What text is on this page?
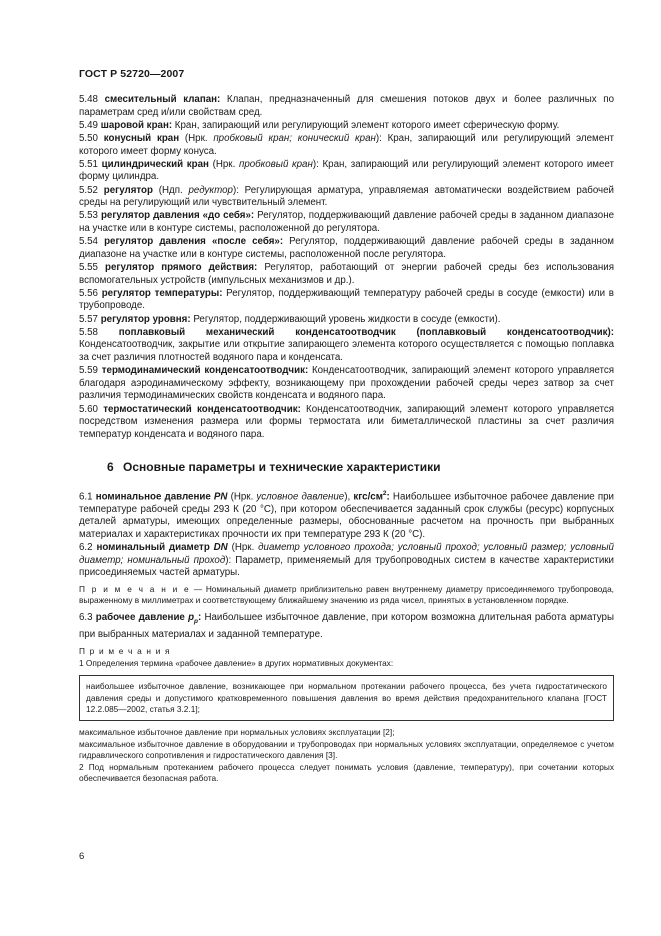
ГОСТ Р 52720—2007

5.48 смесительный клапан: Клапан, предназначенный для смешения потоков двух и более различных по параметрам сред и/или свойствам сред.

5.49 шаровой кран: Кран, запирающий или регулирующий элемент которого имеет сферическую форму.

5.50 конусный кран (Нрк. пробковый кран; конический кран): Кран, запирающий или регулирующий элемент которого имеет форму конуса.

5.51 цилиндрический кран (Нрк. пробковый кран): Кран, запирающий или регулирующий элемент которого имеет форму цилиндра.

5.52 регулятор (Ндп. редуктор): Регулирующая арматура, управляемая автоматически воздействием рабочей среды на регулирующий или чувствительный элемент.

5.53 регулятор давления «до себя»: Регулятор, поддерживающий давление рабочей среды в заданном диапазоне на участке или в контуре системы, расположенной до регулятора.

5.54 регулятор давления «после себя»: Регулятор, поддерживающий давление рабочей среды в заданном диапазоне на участке или в контуре системы, расположенной после регулятора.

5.55 регулятор прямого действия: Регулятор, работающий от энергии рабочей среды без использования вспомогательных устройств (импульсных механизмов и др.).

5.56 регулятор температуры: Регулятор, поддерживающий температуру рабочей среды в сосуде (емкости) или в трубопроводе.

5.57 регулятор уровня: Регулятор, поддерживающий уровень жидкости в сосуде (емкости).

5.58 поплавковый механический конденсатоотводчик (поплавковый конденсатоотводчик): Конденсатоотводчик, закрытие или открытие запирающего элемента которого осуществляется с помощью поплавка за счет различия плотностей водяного пара и конденсата.

5.59 термодинамический конденсатоотводчик: Конденсатоотводчик, запирающий элемент которого управляется благодаря аэродинамическому эффекту, возникающему при прохождении рабочей среды через затвор за счет различия термодинамических свойств конденсата и водяного пара.

5.60 термостатический конденсатоотводчик: Конденсатоотводчик, запирающий элемент которого управляется посредством изменения размера или формы термостата или биметаллической пластины за счет различия температур конденсата и водяного пара.

6 Основные параметры и технические характеристики

6.1 номинальное давление PN (Нрк. условное давление), кгс/$см^2$: Наибольшее избыточное рабочее давление при температуре рабочей среды 293 К (20 °С), при котором обеспечивается заданный срок службы (ресурс) корпусных деталей арматуры, имеющих определенные размеры, обоснованные расчетом на прочность при выбранных материалах и характеристиках прочности их при температуре 293 К (20 °С).

6.2 номинальный диаметр DN (Нрк. диаметр условного прохода; условный проход; условный размер; условный диаметр; номинальный проход): Параметр, применяемый для трубопроводных систем в качестве характеристики присоединяемых частей арматуры.

П р и м е ч а н и е — Номинальный диаметр приблизительно равен внутреннему диаметру присоединяемого трубопровода, выраженному в миллиметрах и соответствующему ближайшему значению из ряда чисел, принятых в установленном порядке.

6.3 рабочее давление $p_р$: Наибольшее избыточное давление, при котором возможна длительная работа арматуры при выбранных материалах и заданной температуре.

П р и м е ч а н и я

1 Определения термина «рабочее давление» в других нормативных документах:

наибольшее избыточное давление, возникающее при нормальном протекании рабочего процесса, без учета гидростатического давления среды и допустимого кратковременного повышения давления во время действия предохранительного клапана [ГОСТ 12.2.085—2002, статья 3.2.1];

максимальное избыточное давление при нормальных условиях эксплуатации [2];

максимальное избыточное давление в оборудовании и трубопроводах при нормальных условиях эксплуатации, определяемое с учетом гидравлического сопротивления и гидростатического давления [3].

2 Под нормальным протеканием рабочего процесса следует понимать условия (давление, температуру), при сочетании которых обеспечивается безопасная работа.

6
